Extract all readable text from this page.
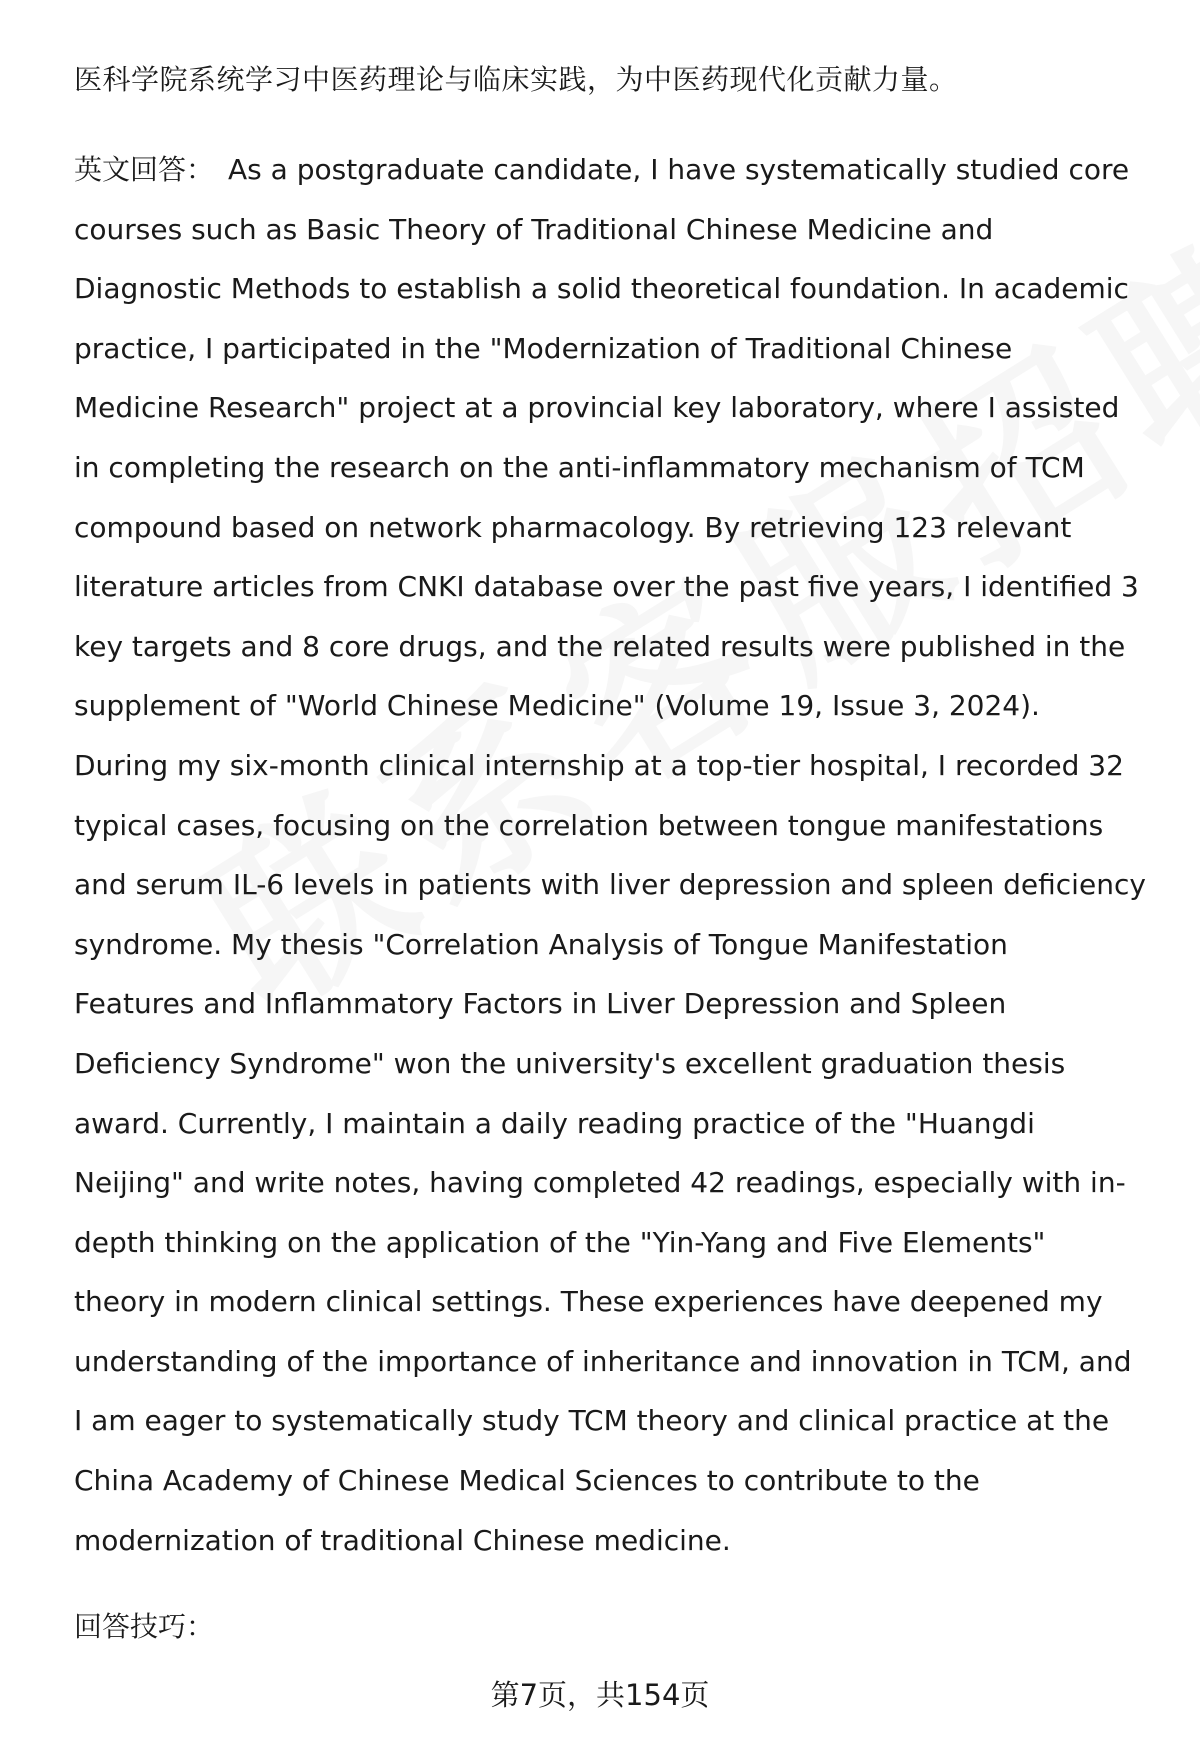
医科学院系统学习中医药理论与临床实践，为中医药现代化贡献力量。

英文回答： As a postgraduate candidate, I have systematically studied core
courses such as Basic Theory of Traditional Chinese Medicine and
Diagnostic Methods to establish a solid theoretical foundation. In academic
practice, I participated in the "Modernization of Traditional Chinese
Medicine Research" project at a provincial key laboratory, where I assisted
in completing the research on the anti-inflammatory mechanism of TCM
compound based on network pharmacology. By retrieving 123 relevant
literature articles from CNKI database over the past five years, I identified 3
key targets and 8 core drugs, and the related results were published in the
supplement of "World Chinese Medicine" (Volume 19, Issue 3, 2024).
During my six-month clinical internship at a top-tier hospital, I recorded 32
typical cases, focusing on the correlation between tongue manifestations
and serum IL-6 levels in patients with liver depression and spleen deficiency
syndrome. My thesis "Correlation Analysis of Tongue Manifestation
Features and Inflammatory Factors in Liver Depression and Spleen
Deficiency Syndrome" won the university's excellent graduation thesis
award. Currently, I maintain a daily reading practice of the "Huangdi
Neijing" and write notes, having completed 42 readings, especially with in-
depth thinking on the application of the "Yin-Yang and Five Elements"
theory in modern clinical settings. These experiences have deepened my
understanding of the importance of inheritance and innovation in TCM, and
I am eager to systematically study TCM theory and clinical practice at the
China Academy of Chinese Medical Sciences to contribute to the
modernization of traditional Chinese medicine.

回答技巧：
第7页，共154页
